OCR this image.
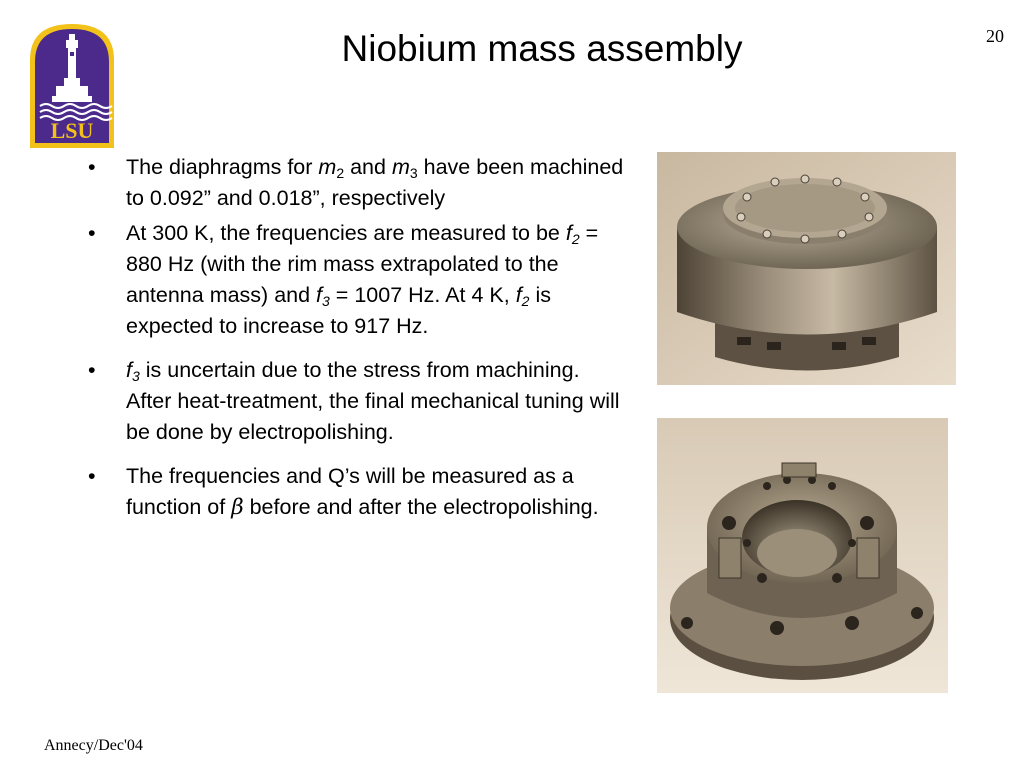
20
Niobium mass assembly
LSU
• The diaphragms for $m_2$ and $m_3$ have been machined to 0.092” and 0.018”, respectively
• At 300 K, the frequencies are measured to be $f_2 = 880$ Hz (with the rim mass extrapolated to the antenna mass) and $f_3 = 1007$ Hz. At 4 K, $f_2$ is expected to increase to 917 Hz.
• $f_3$ is uncertain due to the stress from machining. After heat-treatment, the final mechanical tuning will be done by electropolishing.
• The frequencies and Q’s will be measured as a function of β before and after the electropolishing.
Annecy/Dec'04
